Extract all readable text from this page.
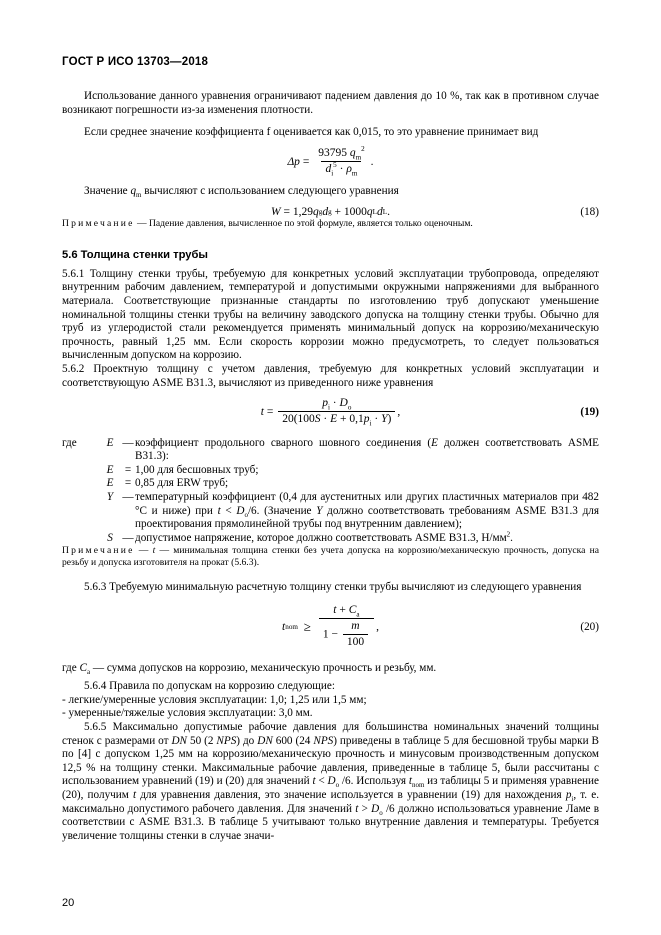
ГОСТ Р ИСО 13703—2018

Использование данного уравнения ограничивают падением давления до 10 %, так как в противном случае возникают погрешности из-за изменения плотности.

Если среднее значение коэффициента f оценивается как 0,015, то это уравнение принимает вид

$\Delta p = \frac{93795 q_m^2}{d_i^5 \cdot \rho_m}$ .

Значение $q_m$ вычисляют с использованием следующего уравнения

W = 1,29 q g d g + 1000 q L d L .	(18)

Примечание — Падение давления, вычисленное по этой формуле, является только оценочным.

5.6 Толщина стенки трубы

5.6.1 Толщину стенки трубы, требуемую для конкретных условий эксплуатации трубопровода, определяют внутренним рабочим давлением, температурой и допустимыми окружными напряжениями для выбранного материала. Соответствующие признанные стандарты по изготовлению труб допускают уменьшение номинальной толщины стенки трубы на величину заводского допуска на толщину стенки трубы. Обычно для труб из углеродистой стали рекомендуется применять минимальный допуск на коррозию/механическую прочность, равный 1,25 мм. Если скорость коррозии можно предусмотреть, то следует пользоваться вычисленным допуском на коррозию.

5.6.2 Проектную толщину с учетом давления, требуемую для конкретных условий эксплуатации и соответствующую ASME B31.3, вычисляют из приведенного ниже уравнения

$t = \frac{p_i \cdot D_o}{20(100S \cdot E + 0,1p_i \cdot Y)}$ ,	(19)
где	E — коэффициент продольного сварного шовного соединения (E должен соответствовать ASME B31.3):
E	= 1,00 для бесшовных труб;
E	= 0,85 для ERW труб;
Y — температурный коэффициент (0,4 для аустенитных или других пластичных материалов при 482 °C и ниже) при $t < D_o/6$. (Значение Y должно соответствовать требованиям ASME B31.3 для проектирования прямолинейной трубы под внутренним давлением);
S — допустимое напряжение, которое должно соответствовать ASME B31.3, $Н/мм^2$.

Примечание — t — минимальная толщина стенки без учета допуска на коррозию/механическую прочность, допуска на резьбу и допуска изготовителя на прокат (5.6.3).

5.6.3 Требуемую минимальную расчетную толщину стенки трубы вычисляют из следующего уравнения

t nom
≥
$\frac{t + C_a}{1 - \frac{m}{100}}$ ,	(20)

где $C_a$ — сумма допусков на коррозию, механическую прочность и резьбу, мм.

5.6.4 Правила по допускам на коррозию следующие:

- легкие/умеренные условия эксплуатации: 1,0; 1,25 или 1,5 мм;

- умеренные/тяжелые условия эксплуатации: 3,0 мм.

5.6.5 Максимально допустимые рабочие давления для большинства номинальных значений толщины стенок с размерами от DN 50 (2 NPS) до DN 600 (24 NPS) приведены в таблице 5 для бесшовной трубы марки B по [4] с допуском 1,25 мм на коррозию/механическую прочность и минусовым производственным допуском 12,5 % на толщину стенки. Максимальные рабочие давления, приведенные в таблице 5, были рассчитаны с использованием уравнений (19) и (20) для значений $t < D_o$ /6. Используя $t_{nom}$ из таблицы 5 и применяя уравнение (20), получим t для уравнения давления, это значение используется в уравнении (19) для нахождения $p_i$, т. е. максимально допустимого рабочего давления. Для значений $t > D_o$ /6 должно использоваться уравнение Ламе в соответствии с ASME B31.3. В таблице 5 учитывают только внутренние давления и температуры. Требуется увеличение толщины стенки в случае значи-

20
